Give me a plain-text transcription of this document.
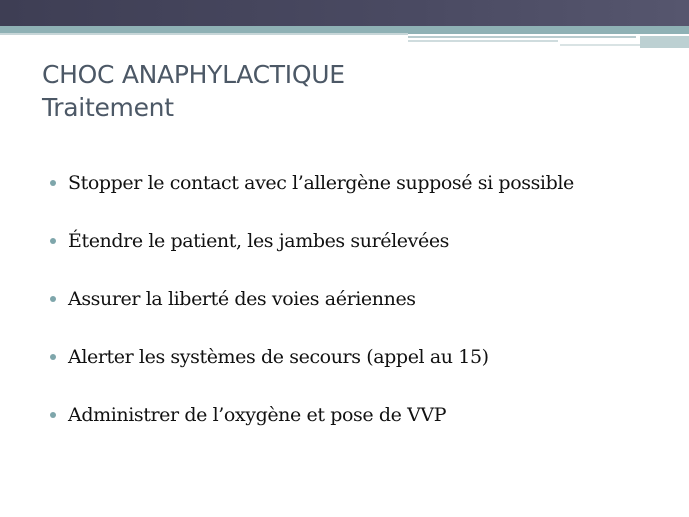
CHOC ANAPHYLACTIQUE
Traitement
Stopper le contact avec l’allergène supposé si possible
Étendre le patient, les jambes surélevées
Assurer la liberté des voies aériennes
Alerter les systèmes de secours (appel au 15)
Administrer de l’oxygène et pose de VVP
